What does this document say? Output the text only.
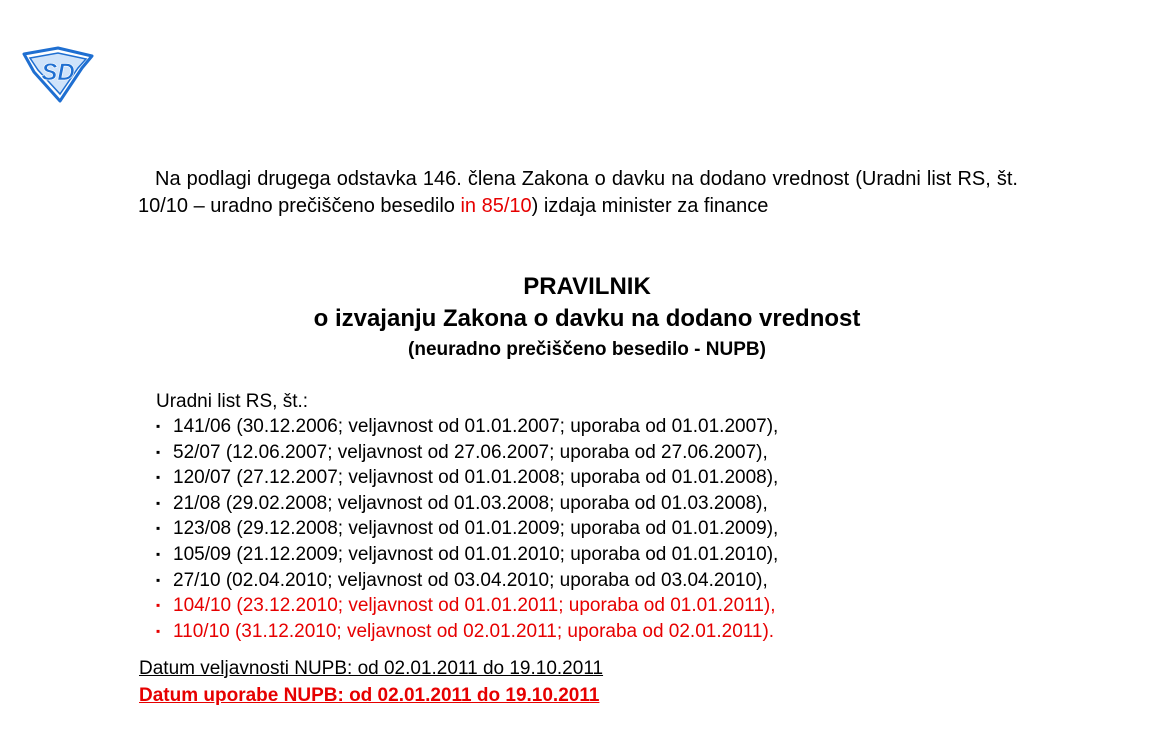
SD
Na podlagi drugega odstavka 146. člena Zakona o davku na dodano vrednost (Uradni list RS, št. 10/10 – uradno prečiščeno besedilo in 85/10) izdaja minister za finance
PRAVILNIK
o izvajanju Zakona o davku na dodano vrednost
(neuradno prečiščeno besedilo - NUPB)
Uradni list RS, št.:
▪ 141/06 (30.12.2006; veljavnost od 01.01.2007; uporaba od 01.01.2007),
▪ 52/07 (12.06.2007; veljavnost od 27.06.2007; uporaba od 27.06.2007),
▪ 120/07 (27.12.2007; veljavnost od 01.01.2008; uporaba od 01.01.2008),
▪ 21/08 (29.02.2008; veljavnost od 01.03.2008; uporaba od 01.03.2008),
▪ 123/08 (29.12.2008; veljavnost od 01.01.2009; uporaba od 01.01.2009),
▪ 105/09 (21.12.2009; veljavnost od 01.01.2010; uporaba od 01.01.2010),
▪ 27/10 (02.04.2010; veljavnost od 03.04.2010; uporaba od 03.04.2010),
▪ 104/10 (23.12.2010; veljavnost od 01.01.2011; uporaba od 01.01.2011),
▪ 110/10 (31.12.2010; veljavnost od 02.01.2011; uporaba od 02.01.2011).
Datum veljavnosti NUPB: od 02.01.2011 do 19.10.2011
Datum uporabe NUPB: od 02.01.2011 do 19.10.2011
